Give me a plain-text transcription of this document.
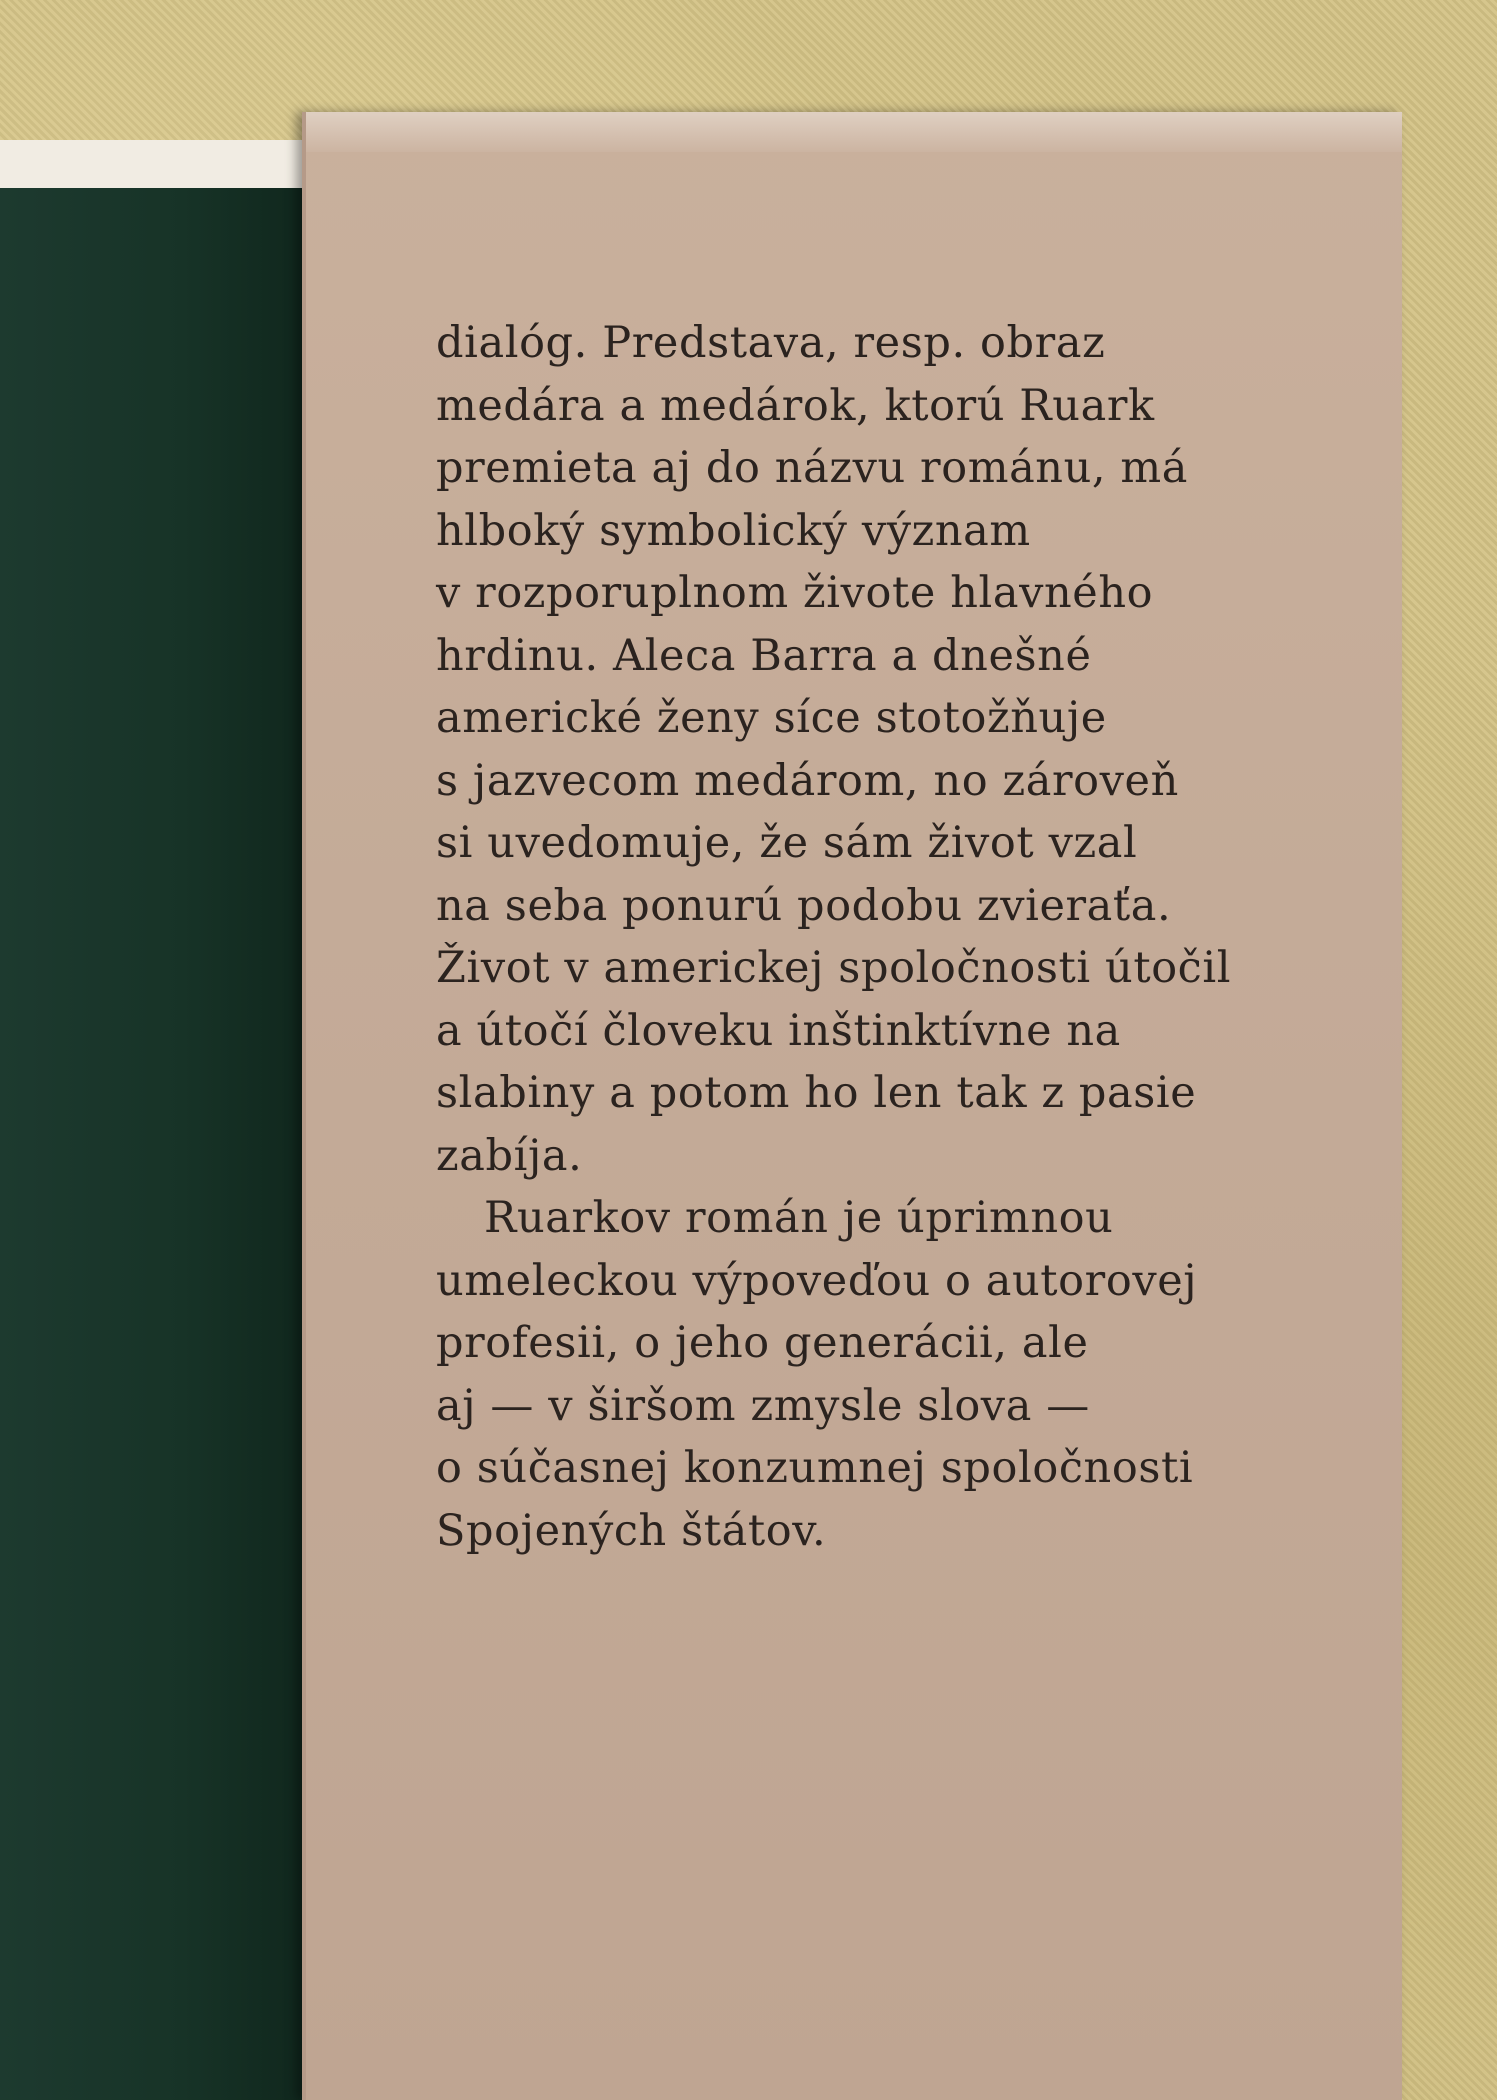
dialóg. Predstava, resp. obraz
medára a medárok, ktorú Ruark
premieta aj do názvu románu, má
hlboký symbolický význam
v rozporuplnom živote hlavného
hrdinu. Aleca Barra a dnešné
americké ženy síce stotožňuje
s jazvecom medárom, no zároveň
si uvedomuje, že sám život vzal
na seba ponurú podobu zvieraťa.
Život v americkej spoločnosti útočil
a útočí človeku inštinktívne na
slabiny a potom ho len tak z pasie
zabíja.
Ruarkov román je úprimnou
umeleckou výpoveďou o autorovej
profesii, o jeho generácii, ale
aj — v širšom zmysle slova —
o súčasnej konzumnej spoločnosti
Spojených štátov.
